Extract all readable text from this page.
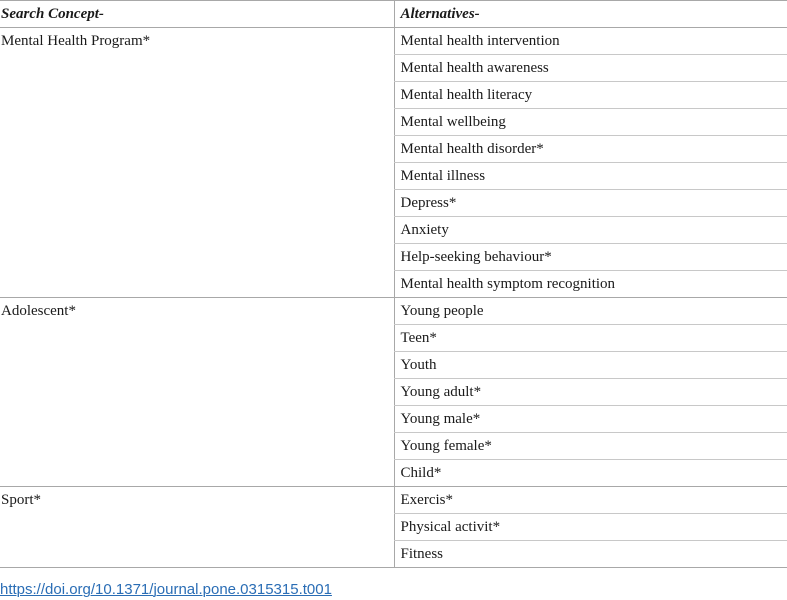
Search Concept-	Alternatives-
Mental Health Program*	Mental health intervention
	Mental health awareness
	Mental health literacy
	Mental wellbeing
	Mental health disorder*
	Mental illness
	Depress*
	Anxiety
	Help-seeking behaviour*
	Mental health symptom recognition
Adolescent*	Young people
	Teen*
	Youth
	Young adult*
	Young male*
	Young female*
	Child*
Sport*	Exercis*
	Physical activit*
	Fitness
https://doi.org/10.1371/journal.pone.0315315.t001
